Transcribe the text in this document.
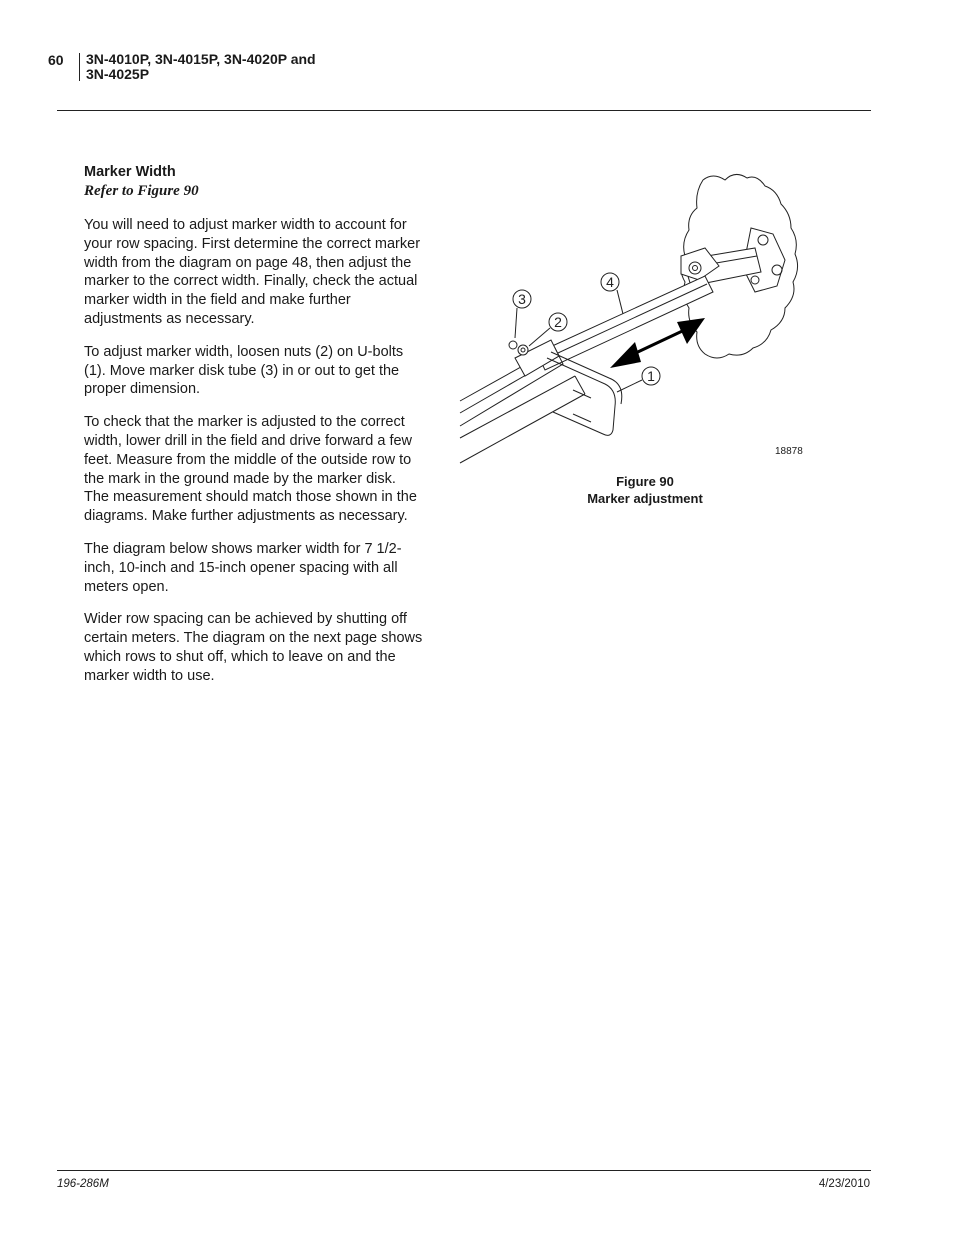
60 3N-4010P, 3N-4015P, 3N-4020P and
3N-4025P

Marker Width

Refer to Figure 90

You will need to adjust marker width to account for your row spacing. First determine the correct marker width from the diagram on page 48, then adjust the marker to the correct width. Finally, check the actual marker width in the field and make further adjustments as necessary.

To adjust marker width, loosen nuts (2) on U-bolts (1). Move marker disk tube (3) in or out to get the proper dimension.

To check that the marker is adjusted to the correct width, lower drill in the field and drive forward a few feet. Measure from the middle of the outside row to the mark in the ground made by the marker disk. The measurement should match those shown in the diagrams. Make further adjustments as necessary.

The diagram below shows marker width for 7 1/2-inch, 10-inch and 15-inch opener spacing with all meters open.

Wider row spacing can be achieved by shutting off certain meters. The diagram on the next page shows which rows to shut off, which to leave on and the marker width to use.

3
2
4
1
18878
Figure 90
Marker adjustment
196-286M	4/23/2010
